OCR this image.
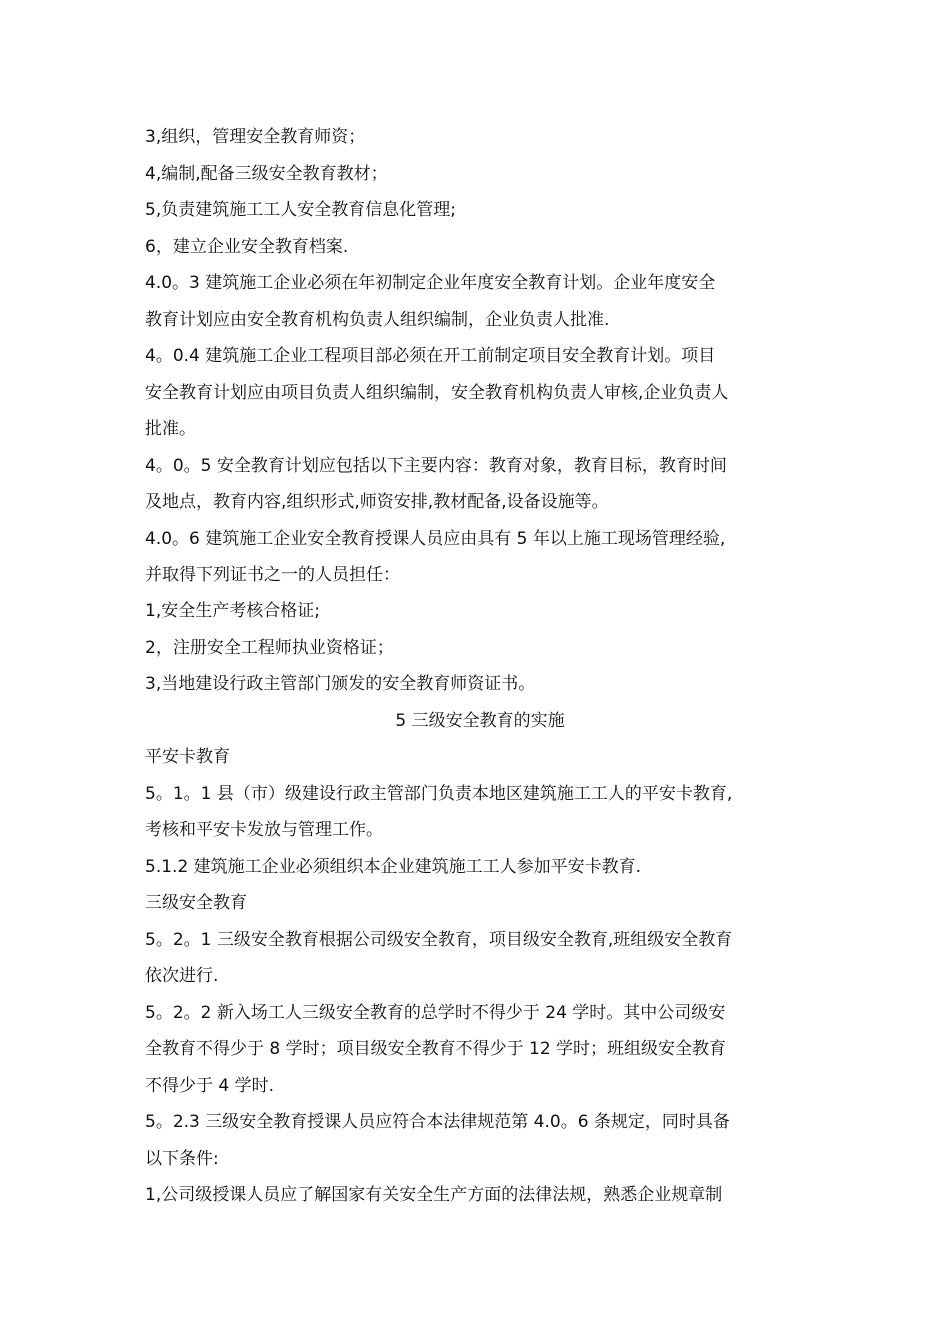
3,组织，管理安全教育师资；
4,编制,配备三级安全教育教材；
5,负责建筑施工工人安全教育信息化管理;
6，建立企业安全教育档案.
4.0。3 建筑施工企业必须在年初制定企业年度安全教育计划。企业年度安全
教育计划应由安全教育机构负责人组织编制，企业负责人批准.
4。0.4 建筑施工企业工程项目部必须在开工前制定项目安全教育计划。项目
安全教育计划应由项目负责人组织编制，安全教育机构负责人审核,企业负责人
批准。
4。0。5 安全教育计划应包括以下主要内容：教育对象，教育目标，教育时间
及地点，教育内容,组织形式,师资安排,教材配备,设备设施等。
4.0。6 建筑施工企业安全教育授课人员应由具有 5 年以上施工现场管理经验,
并取得下列证书之一的人员担任：
1,安全生产考核合格证;
2，注册安全工程师执业资格证；
3,当地建设行政主管部门颁发的安全教育师资证书。
5 三级安全教育的实施
平安卡教育
5。1。1 县（市）级建设行政主管部门负责本地区建筑施工工人的平安卡教育,
考核和平安卡发放与管理工作。
5.1.2 建筑施工企业必须组织本企业建筑施工工人参加平安卡教育.
三级安全教育
5。2。1 三级安全教育根据公司级安全教育，项目级安全教育,班组级安全教育
依次进行.
5。2。2 新入场工人三级安全教育的总学时不得少于 24 学时。其中公司级安
全教育不得少于 8 学时；项目级安全教育不得少于 12 学时；班组级安全教育
不得少于 4 学时.
5。2.3 三级安全教育授课人员应符合本法律规范第 4.0。6 条规定，同时具备
以下条件:
1,公司级授课人员应了解国家有关安全生产方面的法律法规，熟悉企业规章制
